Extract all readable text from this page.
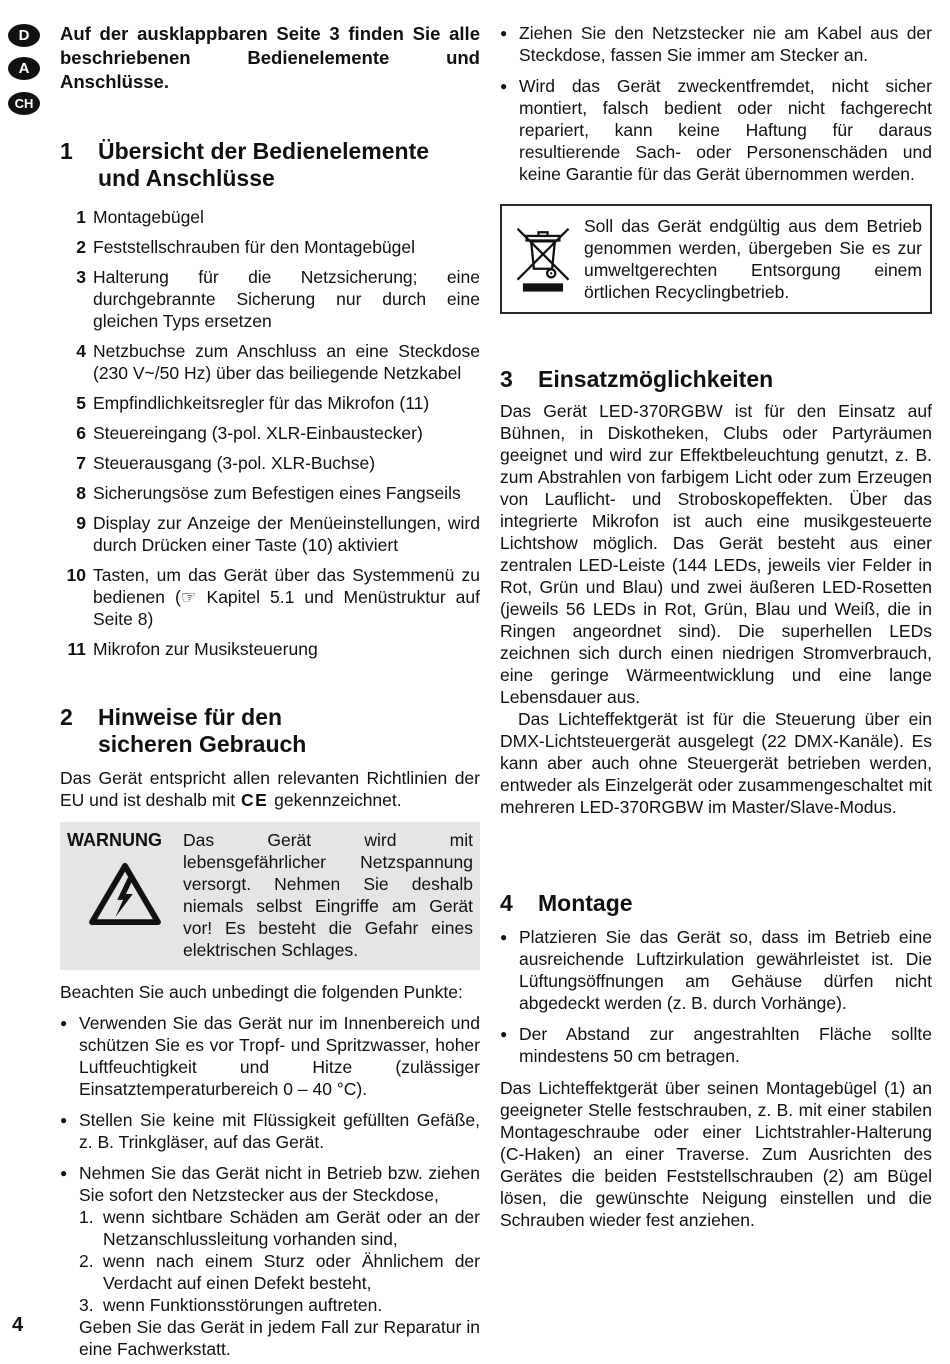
D
A
CH

Auf der ausklappbaren Seite 3 finden Sie alle beschriebenen Bedienelemente und Anschlüsse.

1	Übersicht der Bedienelemente
und Anschlüsse
1 Montagebügel
2 Feststellschrauben für den Montagebügel
3 Halterung für die Netzsicherung; eine durchgebrannte Sicherung nur durch eine gleichen Typs ersetzen
4 Netzbuchse zum Anschluss an eine Steckdose (230 V~/50 Hz) über das beiliegende Netzkabel
5 Empfindlichkeitsregler für das Mikrofon (11)
6 Steuereingang (3-pol. XLR-Einbaustecker)
7 Steuerausgang (3-pol. XLR-Buchse)
8 Sicherungsöse zum Befestigen eines Fangseils
9 Display zur Anzeige der Menüeinstellungen, wird durch Drücken einer Taste (10) aktiviert
10 Tasten, um das Gerät über das Systemmenü zu bedienen (☞ Kapitel 5.1 und Menüstruktur auf Seite 8)
11 Mikrofon zur Musiksteuerung
2	Hinweise für den
sicheren Gebrauch

Das Gerät entspricht allen relevanten Richtlinien der EU und ist deshalb mit CE gekennzeichnet.

WARNUNG Das Gerät wird mit lebensgefährlicher Netzspannung versorgt. Nehmen Sie deshalb niemals selbst Eingriffe am Gerät vor! Es besteht die Gefahr eines elektrischen Schlages.

Beachten Sie auch unbedingt die folgenden Punkte:

● Verwenden Sie das Gerät nur im Innenbereich und schützen Sie es vor Tropf- und Spritzwasser, hoher Luftfeuchtigkeit und Hitze (zulässiger Einsatztemperaturbereich 0 – 40 °C).

● Stellen Sie keine mit Flüssigkeit gefüllten Gefäße, z. B. Trinkgläser, auf das Gerät.

● Nehmen Sie das Gerät nicht in Betrieb bzw. ziehen Sie sofort den Netzstecker aus der Steckdose,

1. wenn sichtbare Schäden am Gerät oder an der Netzanschlussleitung vorhanden sind,
2. wenn nach einem Sturz oder Ähnlichem der Verdacht auf einen Defekt besteht,
3. wenn Funktionsstörungen auftreten.

Geben Sie das Gerät in jedem Fall zur Reparatur in eine Fachwerkstatt.

● Ziehen Sie den Netzstecker nie am Kabel aus der Steckdose, fassen Sie immer am Stecker an.

● Wird das Gerät zweckentfremdet, nicht sicher montiert, falsch bedient oder nicht fachgerecht repariert, kann keine Haftung für daraus resultierende Sach- oder Personenschäden und keine Garantie für das Gerät übernommen werden.

Soll das Gerät endgültig aus dem Betrieb genommen werden, übergeben Sie es zur umweltgerechten Entsorgung einem örtlichen Recyclingbetrieb.

3	Einsatzmöglichkeiten

Das Gerät LED-370RGBW ist für den Einsatz auf Bühnen, in Diskotheken, Clubs oder Partyräumen geeignet und wird zur Effektbeleuchtung genutzt, z. B. zum Abstrahlen von farbigem Licht oder zum Erzeugen von Lauflicht- und Stroboskopeffekten. Über das integrierte Mikrofon ist auch eine musikgesteuerte Lichtshow möglich. Das Gerät besteht aus einer zentralen LED-Leiste (144 LEDs, jeweils vier Felder in Rot, Grün und Blau) und zwei äußeren LED-Rosetten (jeweils 56 LEDs in Rot, Grün, Blau und Weiß, die in Ringen angeordnet sind). Die superhellen LEDs zeichnen sich durch einen niedrigen Stromverbrauch, eine geringe Wärmeentwicklung und eine lange Lebensdauer aus.

Das Lichteffektgerät ist für die Steuerung über ein DMX-Lichtsteuergerät ausgelegt (22 DMX-Kanäle). Es kann aber auch ohne Steuergerät betrieben werden, entweder als Einzelgerät oder zusammengeschaltet mit mehreren LED-370RGBW im Master/Slave-Modus.

4	Montage
● Platzieren Sie das Gerät so, dass im Betrieb eine ausreichende Luftzirkulation gewährleistet ist. Die Lüftungsöffnungen am Gehäuse dürfen nicht abgedeckt werden (z. B. durch Vorhänge).

● Der Abstand zur angestrahlten Fläche sollte mindestens 50 cm betragen.

Das Lichteffektgerät über seinen Montagebügel (1) an geeigneter Stelle festschrauben, z. B. mit einer stabilen Montageschraube oder einer Lichtstrahler-Halterung (C-Haken) an einer Traverse. Zum Ausrichten des Gerätes die beiden Feststellschrauben (2) am Bügel lösen, die gewünschte Neigung einstellen und die Schrauben wieder fest anziehen.

4
